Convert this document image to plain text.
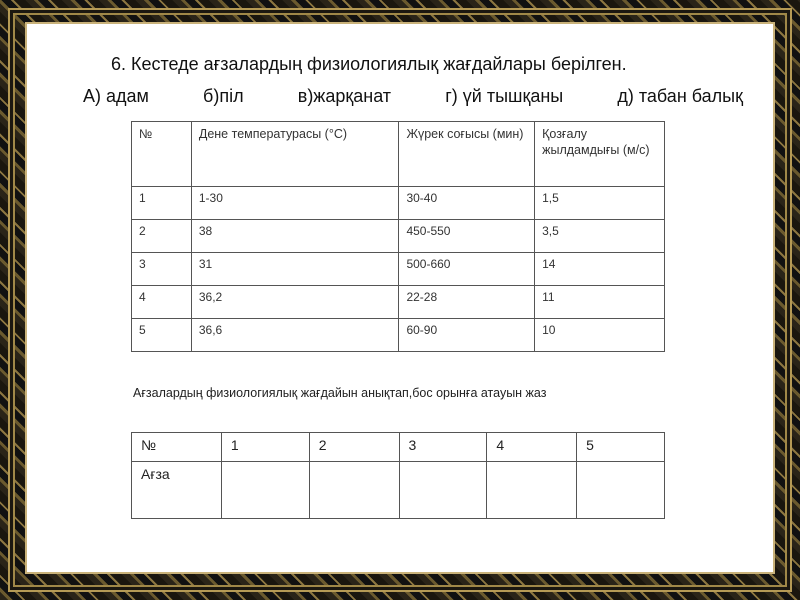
6. Кестеде ағзалардың физиологиялық жағдайлары берілген.
А) адам	б)піл	в)жарқанат	г) үй тышқаны	д) табан балық
№	Дене температурасы (°С)	Жүрек соғысы (мин)	Қозғалу жылдамдығы (м/с)
1	1-30	30-40	1,5
2	38	450-550	3,5
3	31	500-660	14
4	36,2	22-28	11
5	36,6	60-90	10
Ағзалардың физиологиялық жағдайын анықтап,бос орынға атауын жаз
№	1	2	3	4	5
Ағза					
